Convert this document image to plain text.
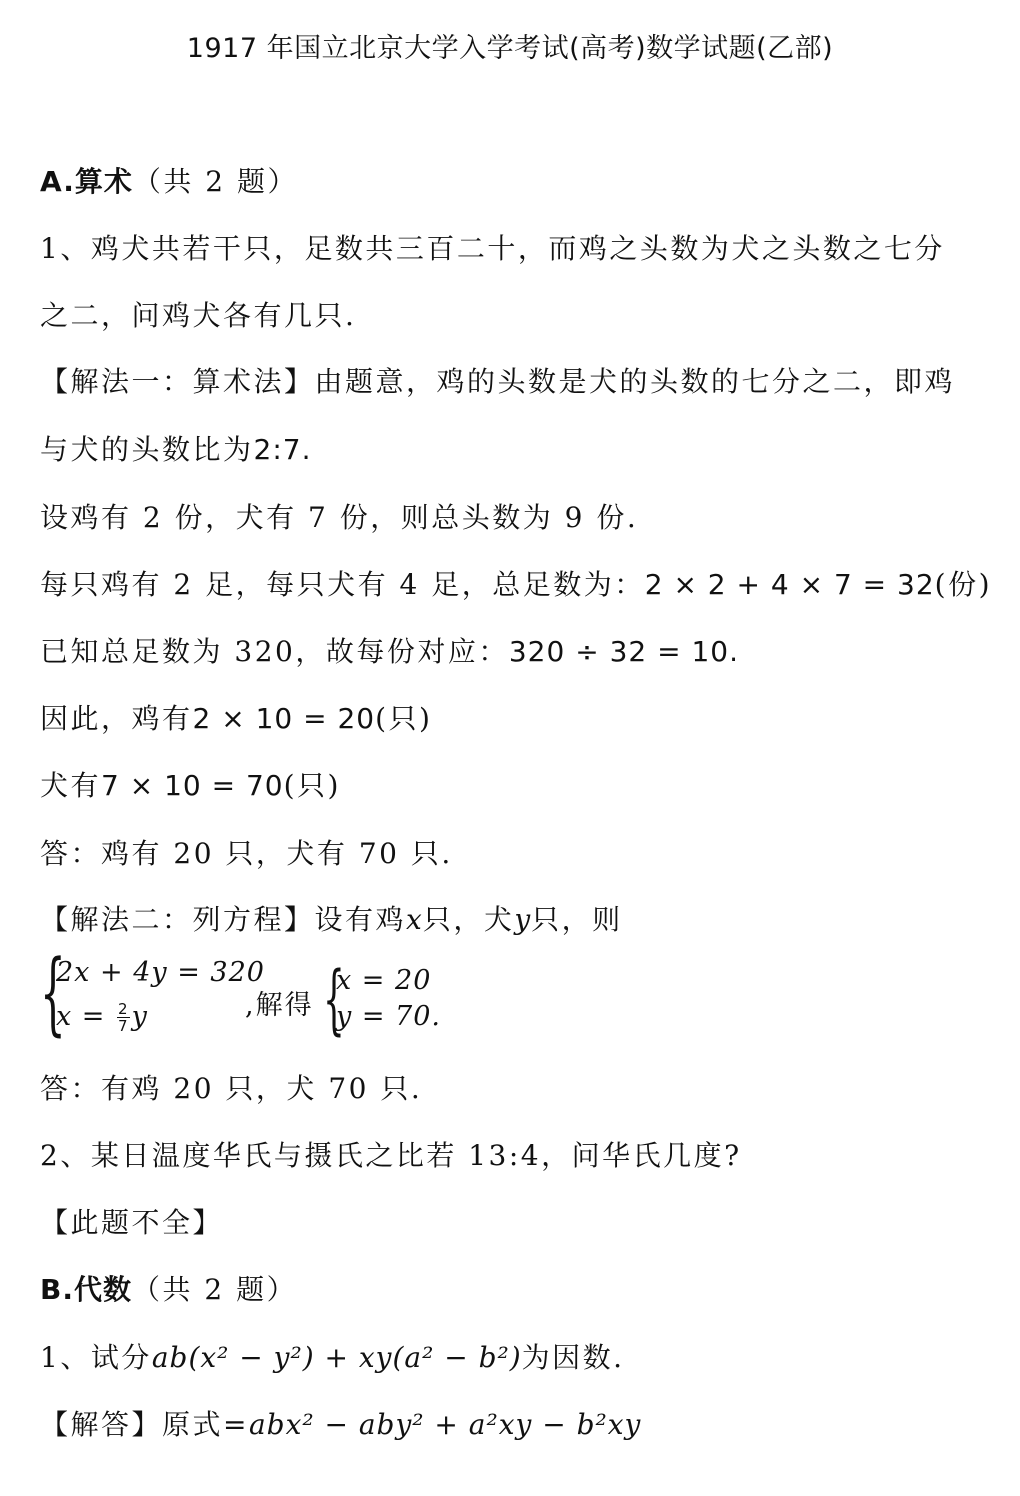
1917 年国立北京大学入学考试(高考)数学试题(乙部)
A.算术（共 2 题）
1、鸡犬共若干只，足数共三百二十，而鸡之头数为犬之头数之七分
之二，问鸡犬各有几只.
【解法一：算术法】由题意，鸡的头数是犬的头数的七分之二，即鸡
与犬的头数比为2:7.
设鸡有 2 份，犬有 7 份，则总头数为 9 份.
每只鸡有 2 足，每只犬有 4 足，总足数为：2 × 2 + 4 × 7 = 32(份)
已知总足数为 320，故每份对应：320 ÷ 32 = 10.
因此，鸡有2 × 10 = 20(只)
犬有7 × 10 = 70(只)
答：鸡有 20 只，犬有 70 只.
【解法二：列方程】设有鸡x只，犬y只，则
{
2x + 4y = 320
$x = \frac{2}{7}$ y	,解得 {
x = 20
y = 70.
答：有鸡 20 只，犬 70 只.
2、某日温度华氏与摄氏之比若 13:4，问华氏几度?
【此题不全】
B.代数（共 2 题）
1、试分ab(x² − y²) + xy(a² − b²)为因数.
【解答】原式=abx² − aby² + a²xy − b²xy
